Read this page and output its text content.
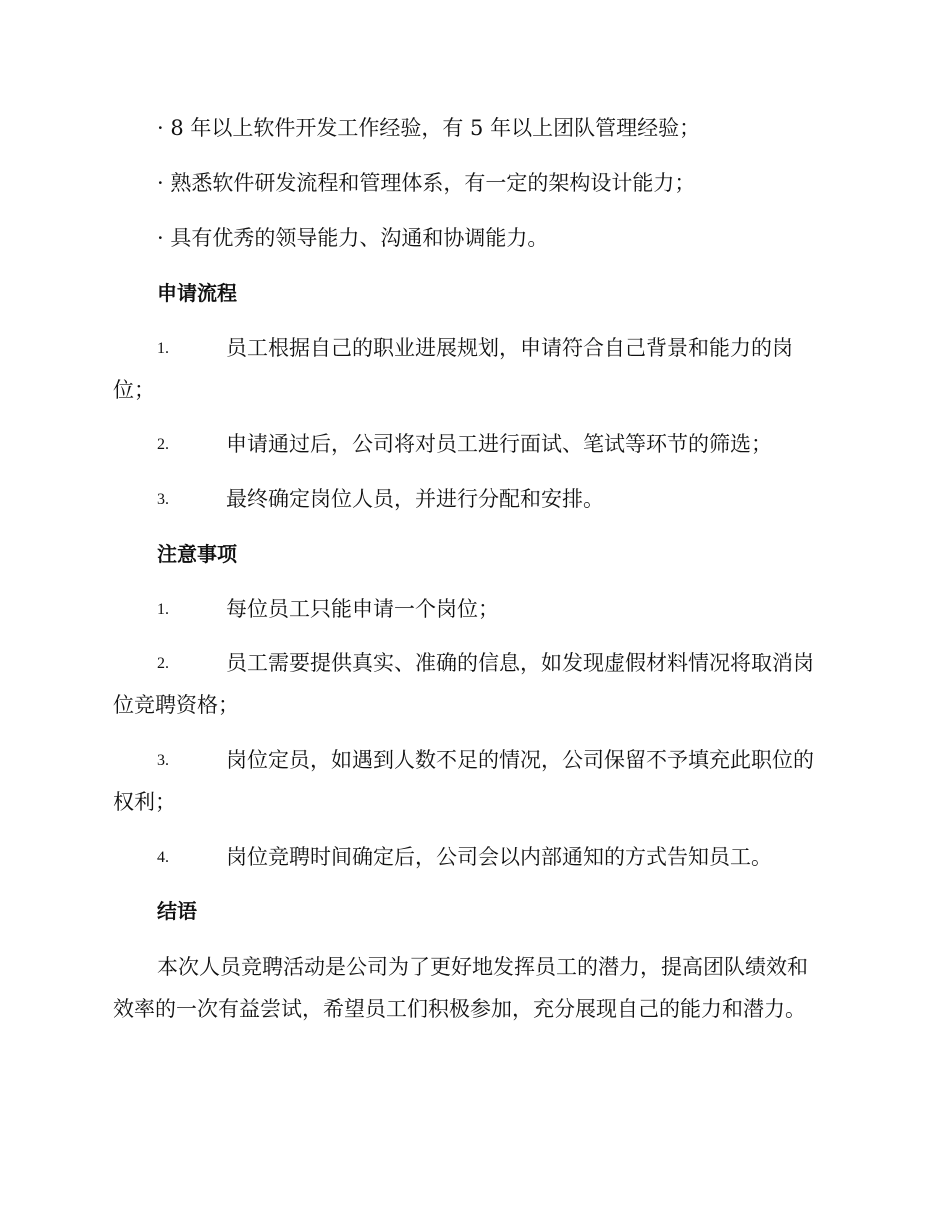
· 8 年以上软件开发工作经验，有 5 年以上团队管理经验；
· 熟悉软件研发流程和管理体系，有一定的架构设计能力；
· 具有优秀的领导能力、沟通和协调能力。
申请流程
1.	员工根据自己的职业进展规划，申请符合自己背景和能力的岗
位；
2.	申请通过后，公司将对员工进行面试、笔试等环节的筛选；
3.	最终确定岗位人员，并进行分配和安排。
注意事项
1.	每位员工只能申请一个岗位；
2.	员工需要提供真实、准确的信息，如发现虚假材料情况将取消岗
位竞聘资格；
3.	岗位定员，如遇到人数不足的情况，公司保留不予填充此职位的
权利；
4.	岗位竞聘时间确定后，公司会以内部通知的方式告知员工。
结语
本次人员竞聘活动是公司为了更好地发挥员工的潜力，提高团队绩效和
效率的一次有益尝试，希望员工们积极参加，充分展现自己的能力和潜力。
